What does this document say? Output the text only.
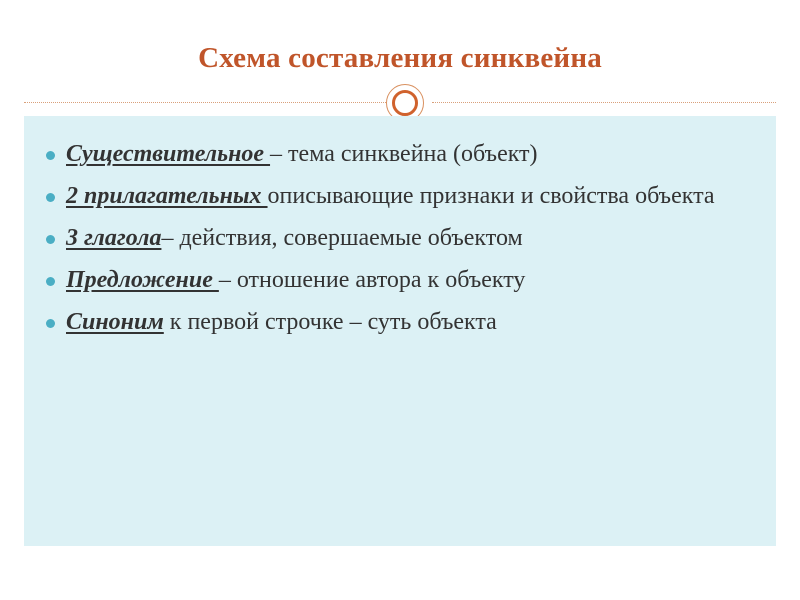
Схема составления синквейна
Существительное – тема синквейна (объект)
2 прилагательных описывающие признаки и свойства объекта
3 глагола– действия, совершаемые объектом
Предложение – отношение автора к объекту
Синоним к первой строчке – суть объекта
